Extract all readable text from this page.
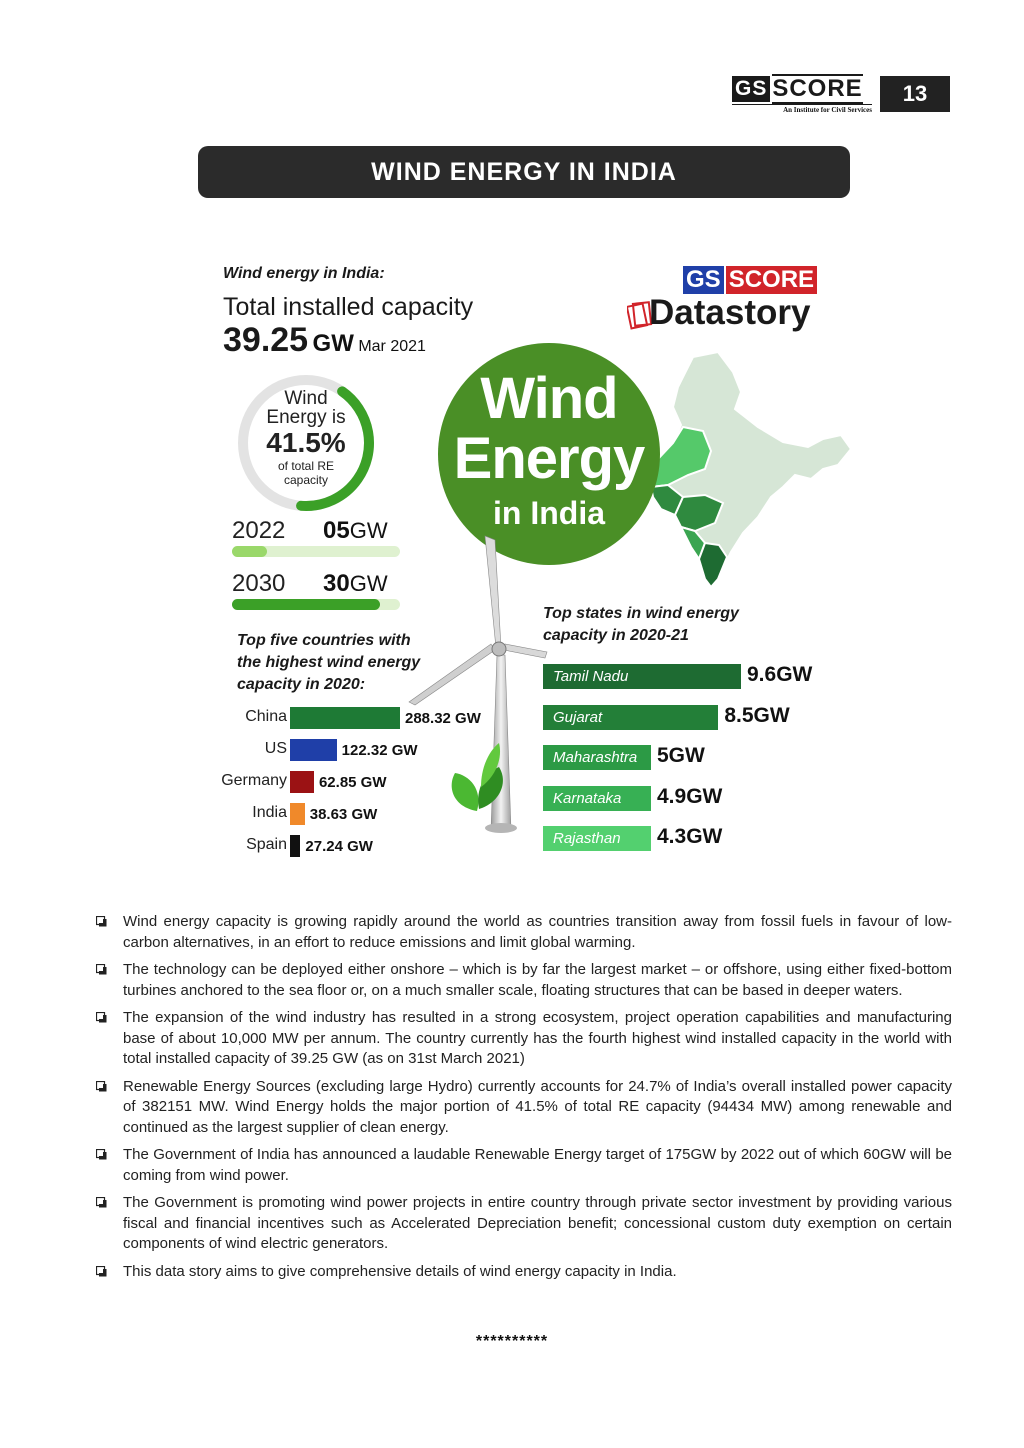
GS SCORE
An Institute for Civil Services
13
WIND ENERGY IN INDIA
GS SCORE
Datastory
Wind
Energy
in India
Wind energy in India:
Total installed capacity
39.25 GW Mar 2021
Wind
Energy is
41.5%
of total RE
capacity
2022 05GW
2030 30GW
Top five countries with
the highest wind energy
capacity in 2020:
China	288.32 GW
US	122.32 GW
Germany 62.85 GW
India 38.63 GW
Spain 27.24 GW
Top states in wind energy
capacity in 2020-21
Tamil Nadu	9.6GW
Gujarat	8.5GW
Maharashtra 5GW
Karnataka	4.9GW
Rajasthan	4.3GW
Wind energy capacity is growing rapidly around the world as countries transition away from fossil fuels in favour of low-carbon alternatives, in an effort to reduce emissions and limit global warming.
The technology can be deployed either onshore – which is by far the largest market – or offshore, using either fixed-bottom turbines anchored to the sea floor or, on a much smaller scale, floating structures that can be based in deeper waters.
The expansion of the wind industry has resulted in a strong ecosystem, project operation capabilities and manufacturing base of about 10,000 MW per annum. The country currently has the fourth highest wind installed capacity in the world with total installed capacity of 39.25 GW (as on 31st March 2021)
Renewable Energy Sources (excluding large Hydro) currently accounts for 24.7% of India’s overall installed power capacity of 382151 MW. Wind Energy holds the major portion of 41.5% of total RE capacity (94434 MW) among renewable and continued as the largest supplier of clean energy.
The Government of India has announced a laudable Renewable Energy target of 175GW by 2022 out of which 60GW will be coming from wind power.
The Government is promoting wind power projects in entire country through private sector investment by providing various fiscal and financial incentives such as Accelerated Depreciation benefit; concessional custom duty exemption on certain components of wind electric generators.
This data story aims to give comprehensive details of wind energy capacity in India.
**********
